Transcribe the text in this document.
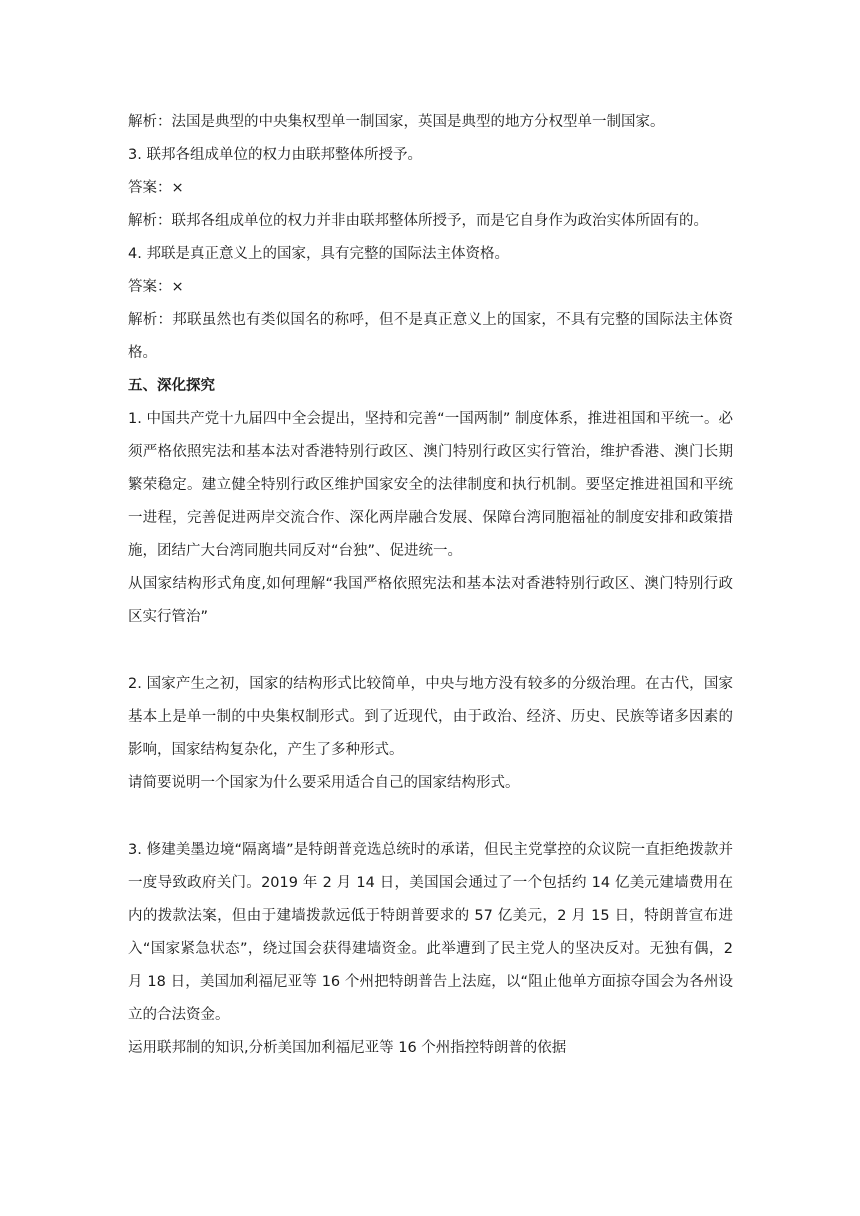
解析：法国是典型的中央集权型单一制国家，英国是典型的地方分权型单一制国家。
3. 联邦各组成单位的权力由联邦整体所授予。
答案：×
解析：联邦各组成单位的权力并非由联邦整体所授予，而是它自身作为政治实体所固有的。
4. 邦联是真正意义上的国家，具有完整的国际法主体资格。
答案：×
解析：邦联虽然也有类似国名的称呼，但不是真正意义上的国家，不具有完整的国际法主体资格。
五、深化探究
1. 中国共产党十九届四中全会提出，坚持和完善“一国两制” 制度体系，推进祖国和平统一。必须严格依照宪法和基本法对香港特别行政区、澳门特别行政区实行管治，维护香港、澳门长期繁荣稳定。建立健全特别行政区维护国家安全的法律制度和执行机制。要坚定推进祖国和平统一进程，完善促进两岸交流合作、深化两岸融合发展、保障台湾同胞福祉的制度安排和政策措施，团结广大台湾同胞共同反对“台独”、促进统一。
从国家结构形式角度,如何理解“我国严格依照宪法和基本法对香港特别行政区、澳门特别行政区实行管治”
2. 国家产生之初，国家的结构形式比较简单，中央与地方没有较多的分级治理。在古代，国家基本上是单一制的中央集权制形式。到了近现代，由于政治、经济、历史、民族等诸多因素的影响，国家结构复杂化，产生了多种形式。
请简要说明一个国家为什么要采用适合自己的国家结构形式。
3. 修建美墨边境“隔离墙”是特朗普竞选总统时的承诺，但民主党掌控的众议院一直拒绝拨款并一度导致政府关门。2019 年 2 月 14 日，美国国会通过了一个包括约 14 亿美元建墙费用在内的拨款法案，但由于建墙拨款远低于特朗普要求的 57 亿美元，2 月 15 日，特朗普宣布进入“国家紧急状态”，绕过国会获得建墙资金。此举遭到了民主党人的坚决反对。无独有偶，2 月 18 日，美国加利福尼亚等 16 个州把特朗普告上法庭，以“阻止他单方面掠夺国会为各州设立的合法资金。
运用联邦制的知识,分析美国加利福尼亚等 16 个州指控特朗普的依据
